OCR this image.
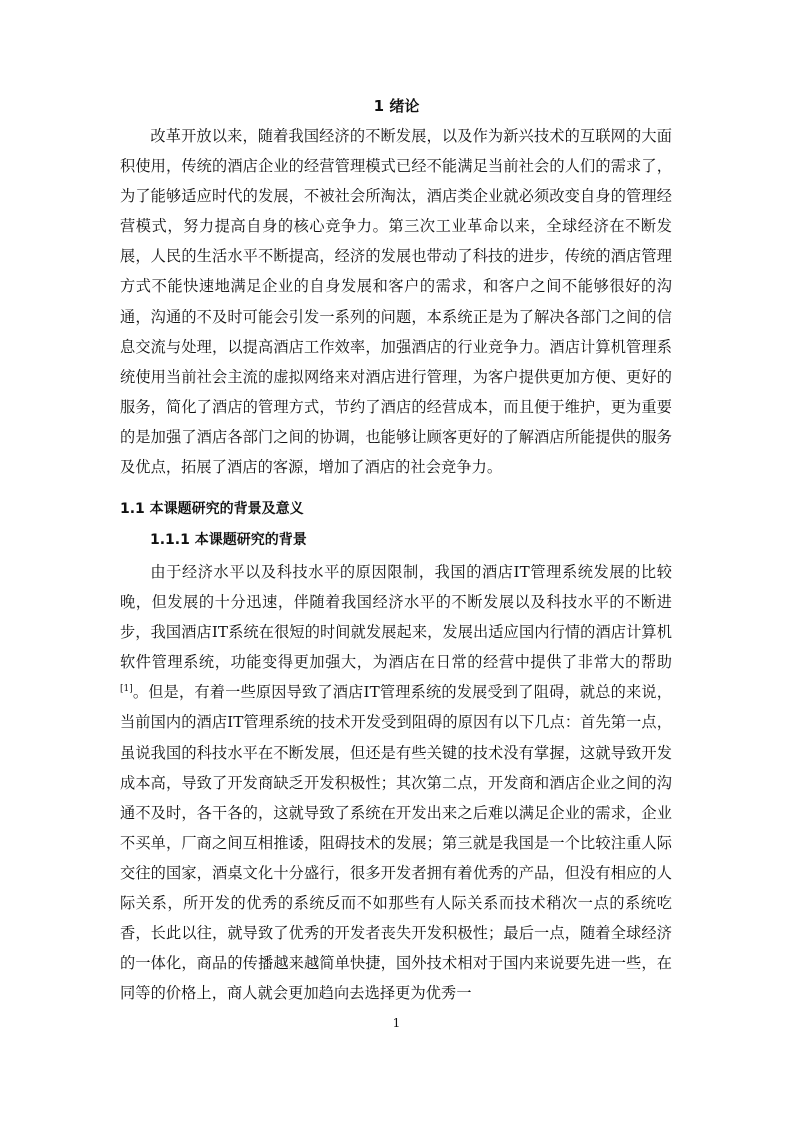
1 绪论

改革开放以来，随着我国经济的不断发展，以及作为新兴技术的互联网的大面积使用，传统的酒店企业的经营管理模式已经不能满足当前社会的人们的需求了，为了能够适应时代的发展，不被社会所淘汰，酒店类企业就必须改变自身的管理经营模式，努力提高自身的核心竞争力。第三次工业革命以来，全球经济在不断发展，人民的生活水平不断提高，经济的发展也带动了科技的进步，传统的酒店管理方式不能快速地满足企业的自身发展和客户的需求，和客户之间不能够很好的沟通，沟通的不及时可能会引发一系列的问题，本系统正是为了解决各部门之间的信息交流与处理，以提高酒店工作效率，加强酒店的行业竞争力。酒店计算机管理系统使用当前社会主流的虚拟网络来对酒店进行管理，为客户提供更加方便、更好的服务，简化了酒店的管理方式，节约了酒店的经营成本，而且便于维护，更为重要的是加强了酒店各部门之间的协调，也能够让顾客更好的了解酒店所能提供的服务及优点，拓展了酒店的客源，增加了酒店的社会竞争力。

1.1 本课题研究的背景及意义
1.1.1 本课题研究的背景

由于经济水平以及科技水平的原因限制，我国的酒店IT管理系统发展的比较晚，但发展的十分迅速，伴随着我国经济水平的不断发展以及科技水平的不断进步，我国酒店IT系统在很短的时间就发展起来，发展出适应国内行情的酒店计算机软件管理系统，功能变得更加强大，为酒店在日常的经营中提供了非常大的帮助[1]。但是，有着一些原因导致了酒店IT管理系统的发展受到了阻碍，就总的来说，当前国内的酒店IT管理系统的技术开发受到阻碍的原因有以下几点：首先第一点，虽说我国的科技水平在不断发展，但还是有些关键的技术没有掌握，这就导致开发成本高，导致了开发商缺乏开发积极性；其次第二点，开发商和酒店企业之间的沟通不及时，各干各的，这就导致了系统在开发出来之后难以满足企业的需求，企业不买单，厂商之间互相推诿，阻碍技术的发展；第三就是我国是一个比较注重人际交往的国家，酒桌文化十分盛行，很多开发者拥有着优秀的产品，但没有相应的人际关系，所开发的优秀的系统反而不如那些有人际关系而技术稍次一点的系统吃香，长此以往，就导致了优秀的开发者丧失开发积极性；最后一点，随着全球经济的一体化，商品的传播越来越简单快捷，国外技术相对于国内来说要先进一些，在同等的价格上，商人就会更加趋向去选择更为优秀一

1
